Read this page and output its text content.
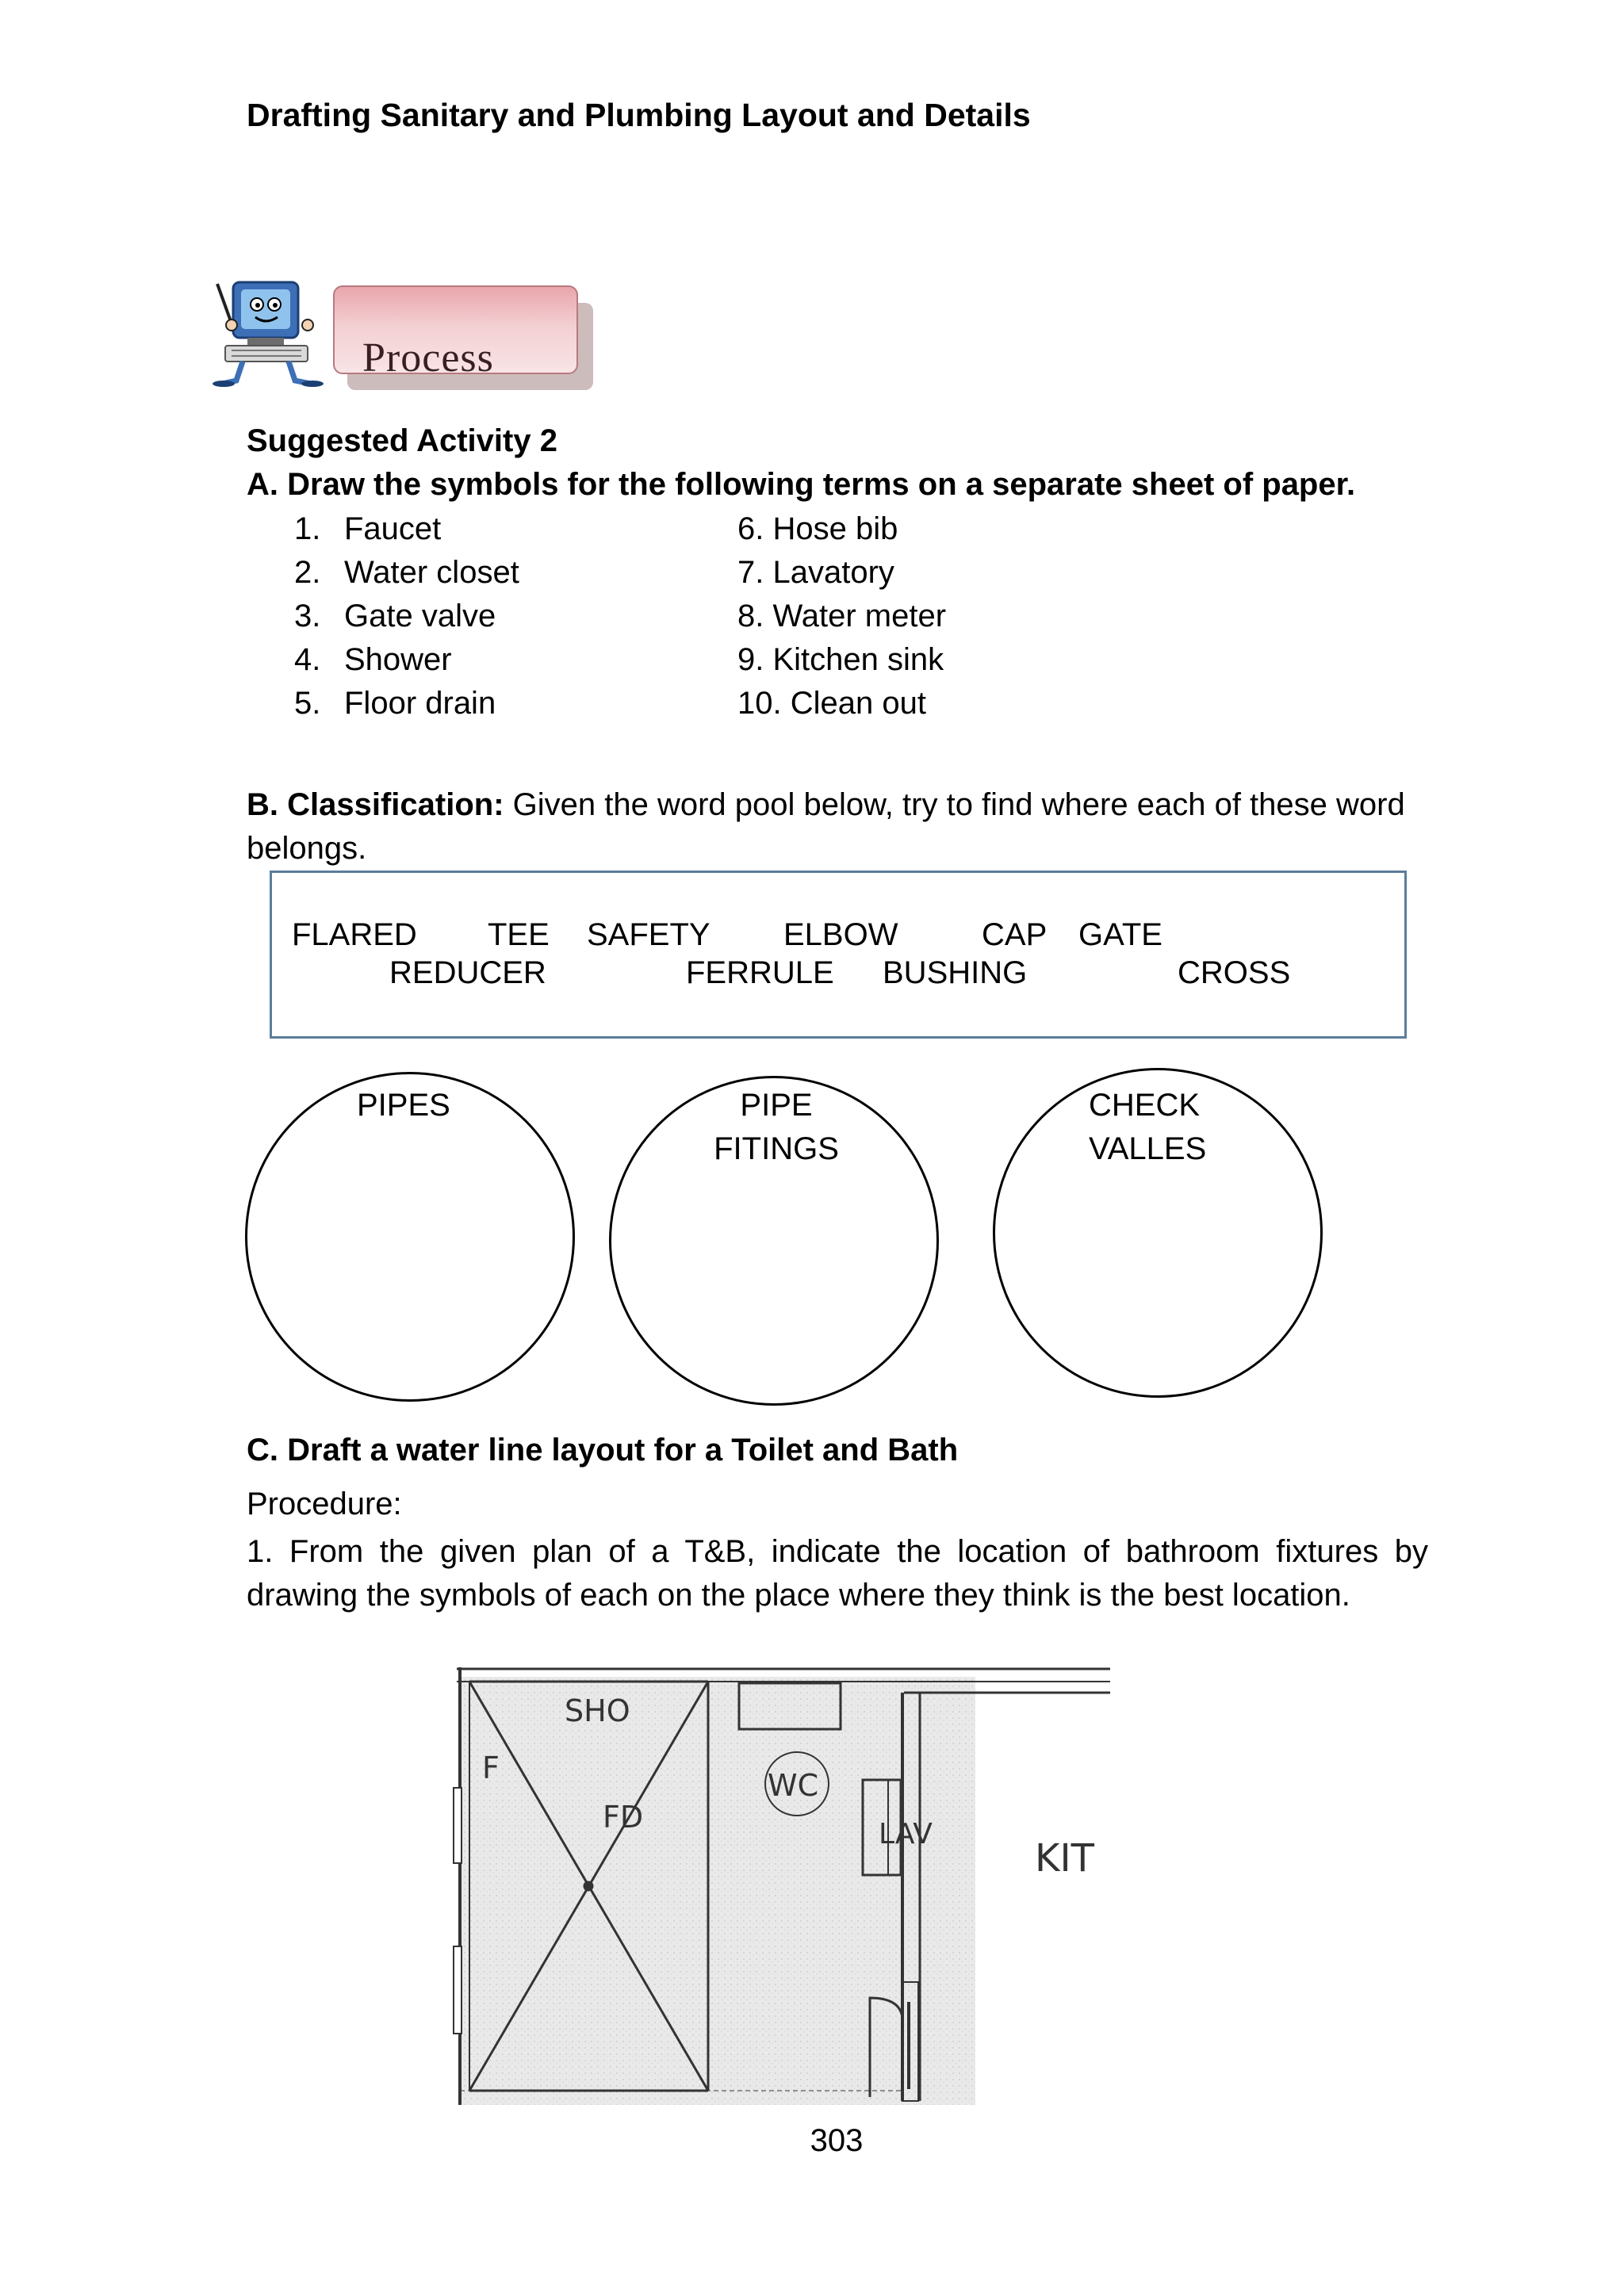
Drafting Sanitary and Plumbing Layout and Details
Process
Suggested Activity 2
A. Draw the symbols for the following terms on a separate sheet of paper.
1. Faucet
2. Water closet
3. Gate valve
4. Shower
5. Floor drain
6. Hose bib
7. Lavatory
8. Water meter
9. Kitchen sink
10. Clean out
B. Classification: Given the word pool below, try to find where each of these word belongs.
FLARED TEE SAFETY ELBOW	CAP GATE
REDUCER	FERRULE BUSHING	CROSS
PIPES	PIPE
FITINGS
CHECK
VALLES
C. Draft a water line layout for a Toilet and Bath
Procedure:
1. From the given plan of a T&B, indicate the location of bathroom fixtures by drawing the symbols of each on the place where they think is the best location.
SHO
F
FD
WC
LAV
KIT
303
